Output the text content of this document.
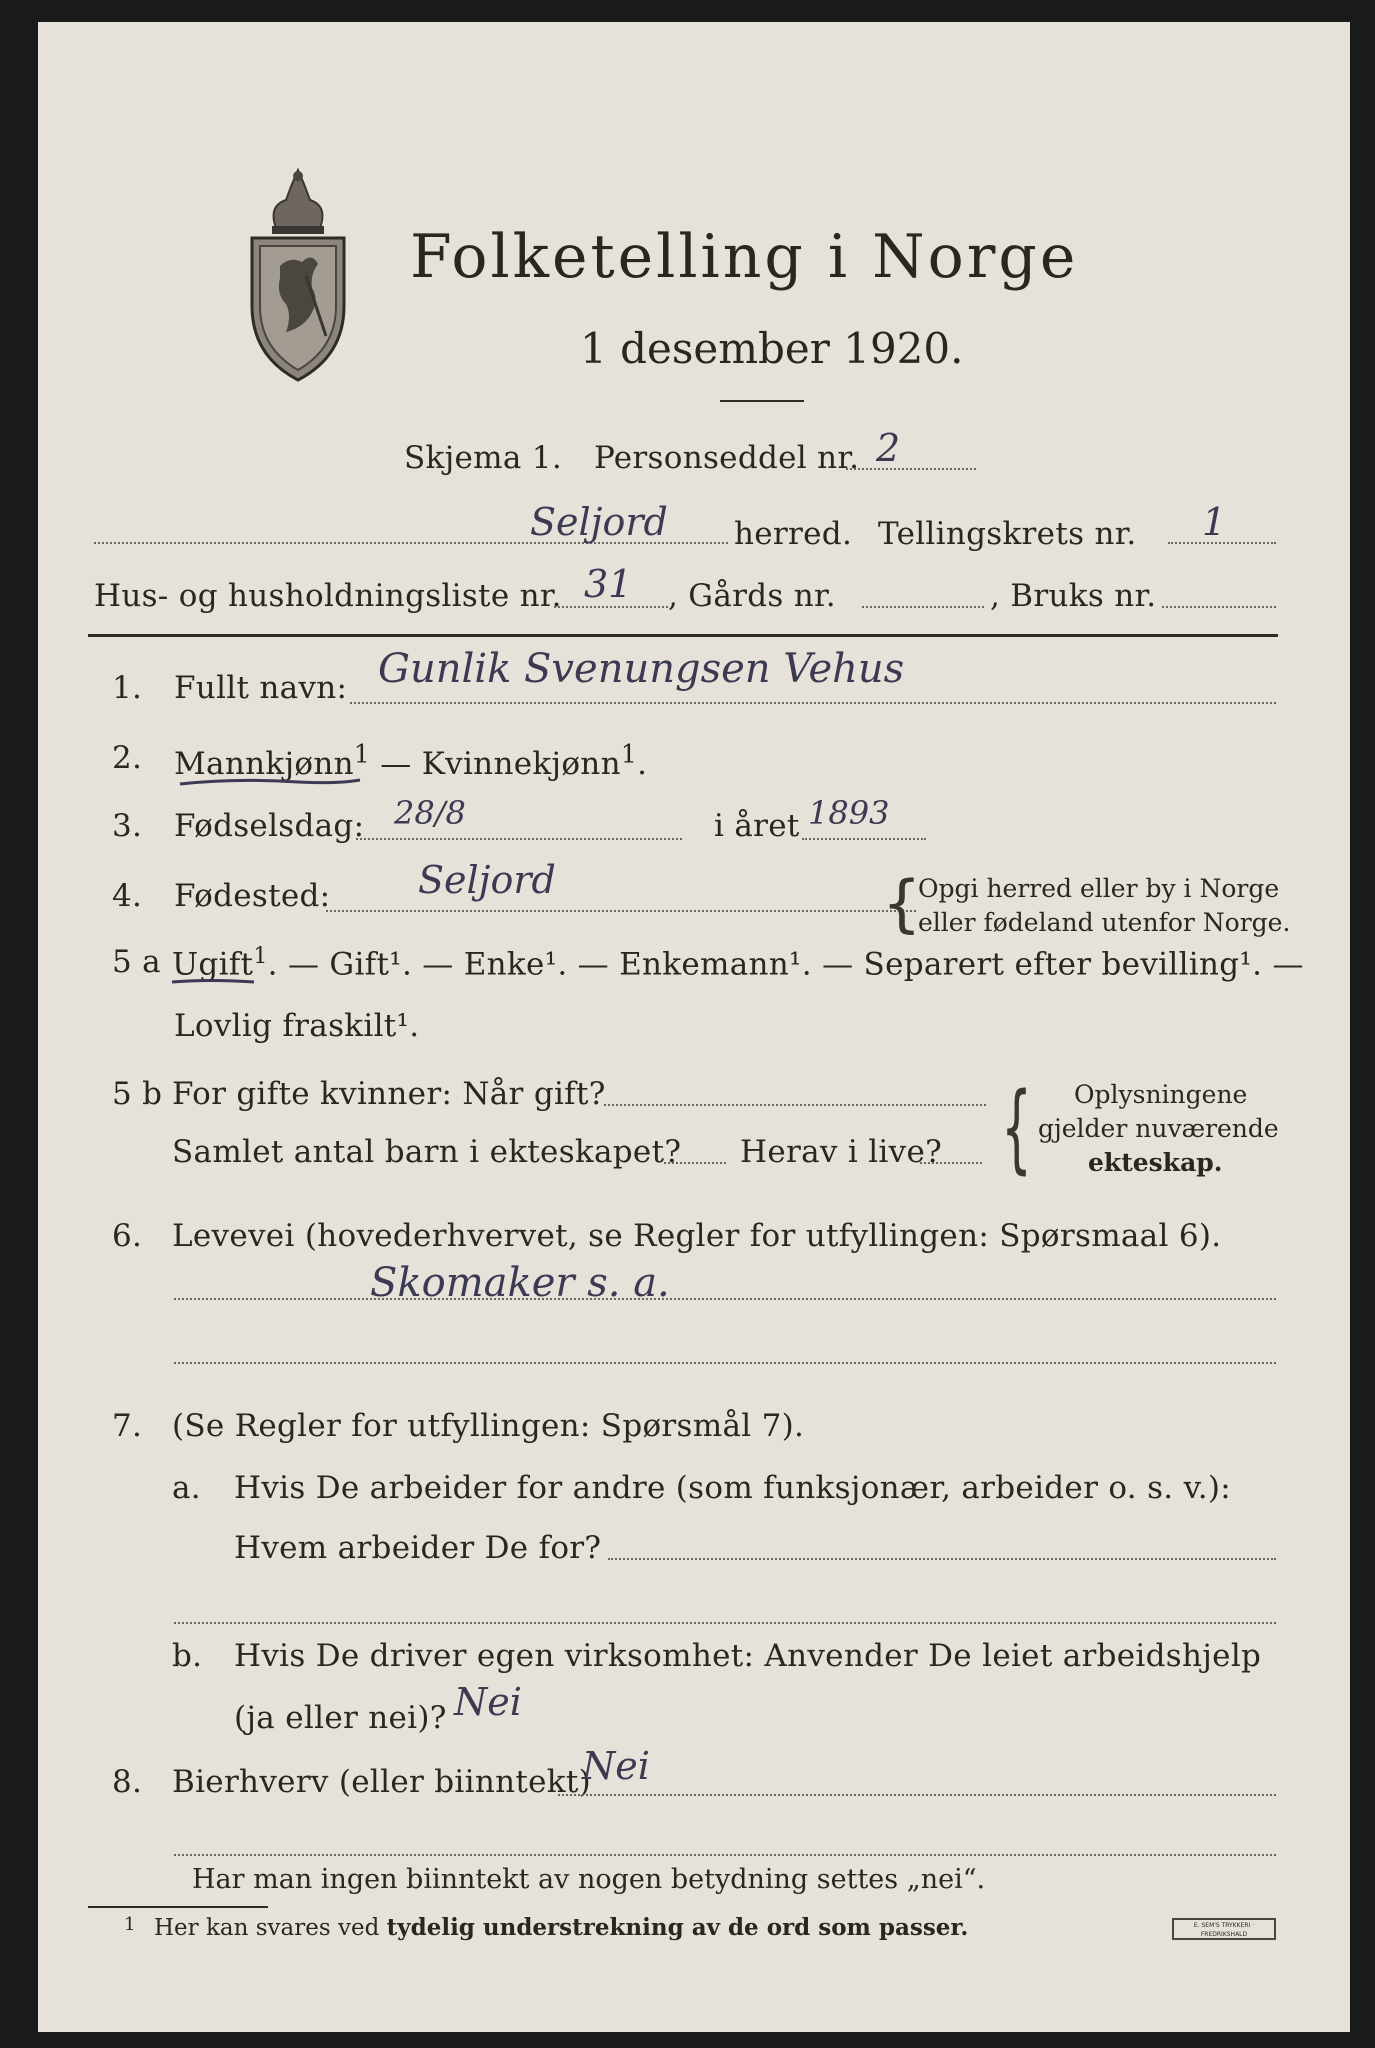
Folketelling i Norge
1 desember 1920.
Skjema 1. Personseddel nr. 2
Seljord herred. Tellingskrets nr. 1
Hus- og husholdningsliste nr. 31 , Gårds nr.	, Bruks nr.
1. Fullt navn: Gunlik Svenungsen Vehus
2. Mannkjønn$^1$ — Kvinnekjønn$^1$.
3. Fødselsdag: 28/8	i året 1893
4. Fødested: Seljord	{
Opgi herred eller by i Norge
eller fødeland utenfor Norge.
5 a Ugift$^1$. — Gift¹. — Enke¹. — Enkemann¹. — Separert efter bevilling¹. —
Lovlig fraskilt¹.
5 b For gifte kvinner: Når gift?
Samlet antal barn i ekteskapet? Herav i live? { Oplysningene
gjelder nuværende
ekteskap.
6. Levevei (hovederhvervet, se Regler for utfyllingen: Spørsmaal 6).
Skomaker s. a.
7. (Se Regler for utfyllingen: Spørsmål 7).
a. Hvis De arbeider for andre (som funksjonær, arbeider o. s. v.):
Hvem arbeider De for?
b. Hvis De driver egen virksomhet: Anvender De leiet arbeidshjelp
(ja eller nei)? Nei
8. Bierhverv (eller biinntekt)
Nei
Har man ingen biinntekt av nogen betydning settes „nei“.
1 Her kan svares ved tydelig understrekning av de ord som passer.	E. SEM'S TRYKKERI · FREDRIKSHALD
